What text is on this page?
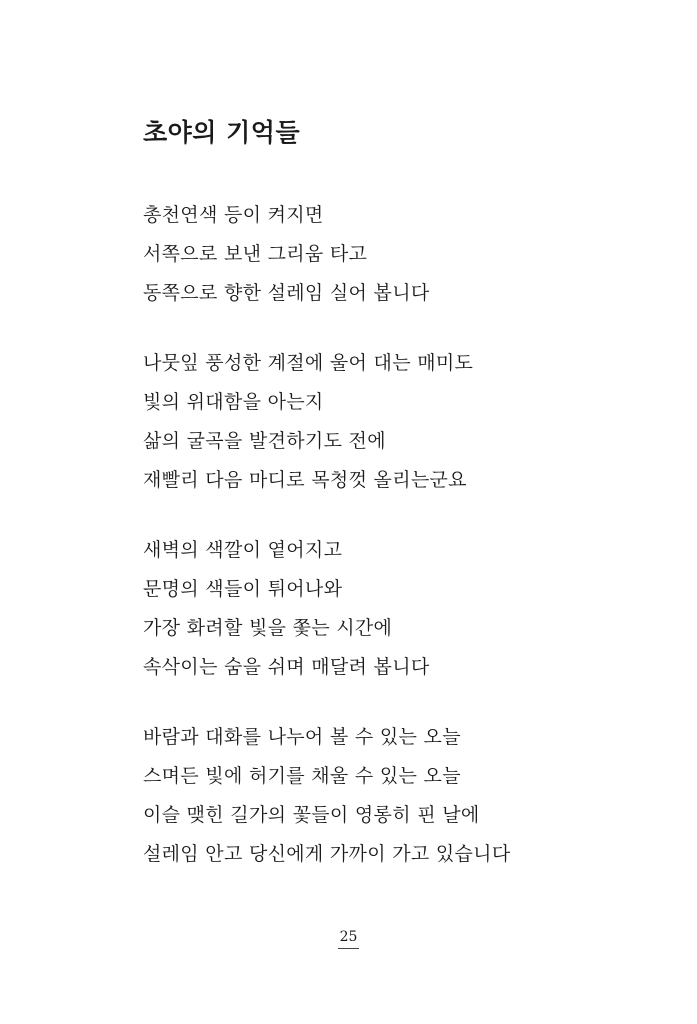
초야의 기억들
총천연색 등이 켜지면
서쪽으로 보낸 그리움 타고
동쪽으로 향한 설레임 실어 봅니다
나뭇잎 풍성한 계절에 울어 대는 매미도
빛의 위대함을 아는지
삶의 굴곡을 발견하기도 전에
재빨리 다음 마디로 목청껏 올리는군요
새벽의 색깔이 옅어지고
문명의 색들이 튀어나와
가장 화려할 빛을 쫓는 시간에
속삭이는 숨을 쉬며 매달려 봅니다
바람과 대화를 나누어 볼 수 있는 오늘
스며든 빛에 허기를 채울 수 있는 오늘
이슬 맺힌 길가의 꽃들이 영롱히 핀 날에
설레임 안고 당신에게 가까이 가고 있습니다
25
